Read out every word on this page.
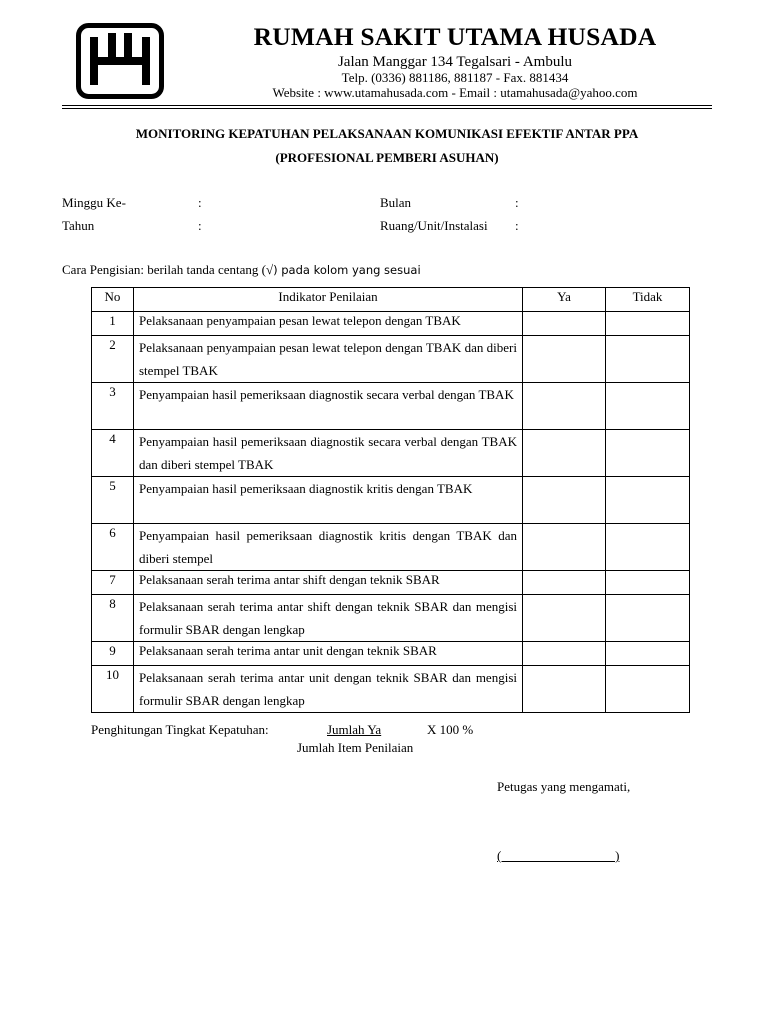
RUMAH SAKIT UTAMA HUSADA
Jalan Manggar 134 Tegalsari - Ambulu
Telp. (0336) 881186, 881187 - Fax. 881434
Website : www.utamahusada.com - Email : utamahusada@yahoo.com
MONITORING KEPATUHAN PELAKSANAAN KOMUNIKASI EFEKTIF ANTAR PPA
(PROFESIONAL PEMBERI ASUHAN)
Minggu Ke-	:	Bulan	:
Tahun	:	Ruang/Unit/Instalasi :
Cara Pengisian: berilah tanda centang (√) pada kolom yang sesuai
No	Indikator Penilaian	Ya	Tidak
1	Pelaksanaan penyampaian pesan lewat telepon dengan TBAK		
2	Pelaksanaan penyampaian pesan lewat telepon dengan TBAK dan diberi stempel TBAK		
3	Penyampaian hasil pemeriksaan diagnostik secara verbal dengan TBAK		
4	Penyampaian hasil pemeriksaan diagnostik secara verbal dengan TBAK dan diberi stempel TBAK		
5	Penyampaian hasil pemeriksaan diagnostik kritis dengan TBAK		
6	Penyampaian hasil pemeriksaan diagnostik kritis dengan TBAK dan diberi stempel		
7	Pelaksanaan serah terima antar shift dengan teknik SBAR		
8	Pelaksanaan serah terima antar shift dengan teknik SBAR dan mengisi formulir SBAR dengan lengkap		
9	Pelaksanaan serah terima antar unit dengan teknik SBAR		
10	Pelaksanaan serah terima antar unit dengan teknik SBAR dan mengisi formulir SBAR dengan lengkap		
Penghitungan Tingkat Kepatuhan:	Jumlah Ya	X 100 %
Jumlah Item Penilaian
Petugas yang mengamati,
(                                   )
